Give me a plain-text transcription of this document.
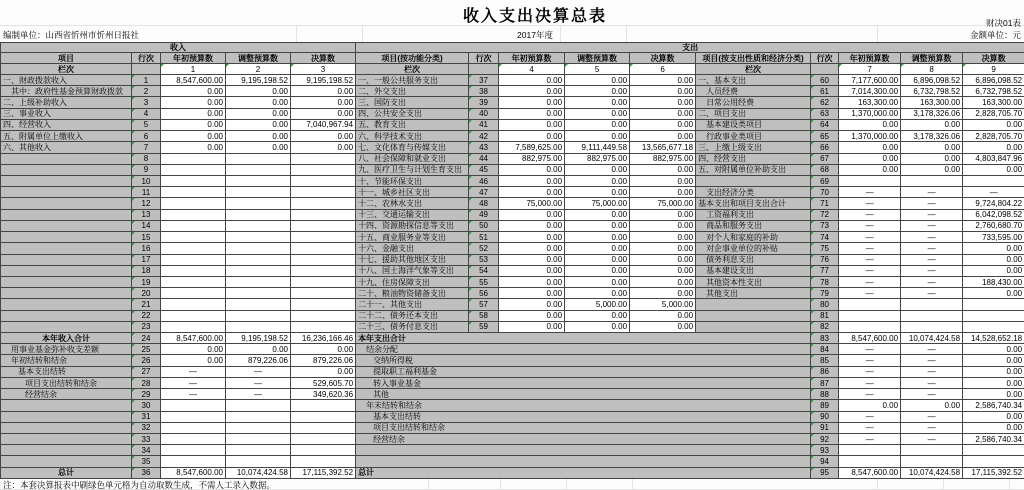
收入支出决算总表	财决01表
编制单位：山西省忻州市忻州日报社	2017年度	金额单位：元
收入					支出									
项目	行次	年初预算数	调整预算数	决算数	项目(按功能分类)	行次	年初预算数	调整预算数	决算数	项目(按支出性质和经济分类)	行次	年初预算数	调整预算数	决算数
栏次		1	2	3	栏次		4	5	6	栏次		7	8	9
一、财政拨款收入	1	8,547,600.00	9,195,198.52	9,195,198.52	一、一般公共服务支出	37	0.00	0.00	0.00	一、基本支出	60	7,177,600.00	6,896,098.52	6,896,098.52
其中：政府性基金预算财政拨款	2	0.00	0.00	0.00	二、外交支出	38	0.00	0.00	0.00	人员经费	61	7,014,300.00	6,732,798.52	6,732,798.52
二、上级补助收入	3	0.00	0.00	0.00	三、国防支出	39	0.00	0.00	0.00	日常公用经费	62	163,300.00	163,300.00	163,300.00
三、事业收入	4	0.00	0.00	0.00	四、公共安全支出	40	0.00	0.00	0.00	二、项目支出	63	1,370,000.00	3,178,326.06	2,828,705.70
四、经营收入	5	0.00	0.00	7,040,967.94	五、教育支出	41	0.00	0.00	0.00	基本建设类项目	64	0.00	0.00	0.00
五、附属单位上缴收入	6	0.00	0.00	0.00	六、科学技术支出	42	0.00	0.00	0.00	行政事业类项目	65	1,370,000.00	3,178,326.06	2,828,705.70
六、其他收入	7	0.00	0.00	0.00	七、文化体育与传媒支出	43	7,589,625.00	9,111,449.58	13,565,677.18	三、上缴上级支出	66	0.00	0.00	0.00
	8				八、社会保障和就业支出	44	882,975.00	882,975.00	882,975.00	四、经营支出	67	0.00	0.00	4,803,847.96
	9				九、医疗卫生与计划生育支出	45	0.00	0.00	0.00	五、对附属单位补助支出	68	0.00	0.00	0.00
	10				十、节能环保支出	46	0.00	0.00	0.00		69			
	11				十一、城乡社区支出	47	0.00	0.00	0.00	支出经济分类	70	—	—	—
	12				十二、农林水支出	48	75,000.00	75,000.00	75,000.00	基本支出和项目支出合计	71	—	—	9,724,804.22
	13				十三、交通运输支出	49	0.00	0.00	0.00	工资福利支出	72	—	—	6,042,098.52
	14				十四、资源勘探信息等支出	50	0.00	0.00	0.00	商品和服务支出	73	—	—	2,760,680.70
	15				十五、商业服务业等支出	51	0.00	0.00	0.00	对个人和家庭的补助	74	—	—	733,595.00
	16				十六、金融支出	52	0.00	0.00	0.00	对企事业单位的补贴	75	—	—	0.00
	17				十七、援助其他地区支出	53	0.00	0.00	0.00	债务利息支出	76	—	—	0.00
	18				十八、国土海洋气象等支出	54	0.00	0.00	0.00	基本建设支出	77	—	—	0.00
	19				十九、住房保障支出	55	0.00	0.00	0.00	其他资本性支出	78	—	—	188,430.00
	20				二十、粮油物资储备支出	56	0.00	0.00	0.00	其他支出	79	—	—	0.00
	21				二十一、其他支出	57	0.00	5,000.00	5,000.00		80			
	22				二十二、债务还本支出	58	0.00	0.00	0.00		81			
	23				二十三、债务付息支出	59	0.00	0.00	0.00		82			
本年收入合计	24	8,547,600.00	9,195,198.52	16,236,166.46	本年支出合计						83	8,547,600.00	10,074,424.58	14,528,652.18
用事业基金弥补收支差额	25	0.00	0.00	0.00	结余分配						84	—	—	0.00
年初结转和结余	26	0.00	879,226.06	879,226.06	交纳所得税						85	—	—	0.00
基本支出结转	27	—	—	0.00	提取职工福利基金						86	—	—	0.00
项目支出结转和结余	28	—	—	529,605.70	转入事业基金						87	—	—	0.00
经营结余	29	—	—	349,620.36	其他						88	—	—	0.00
	30				年末结转和结余						89	0.00	0.00	2,586,740.34
	31				基本支出结转						90	—	—	0.00
	32				项目支出结转和结余						91	—	—	0.00
	33				经营结余						92	—	—	2,586,740.34
	34										93			
	35										94			
总计	36	8,547,600.00	10,074,424.58	17,115,392.52	总计						95	8,547,600.00	10,074,424.58	17,115,392.52
注：本套决算报表中刷绿色单元格为自动取数生成，不需人工录入数据。
